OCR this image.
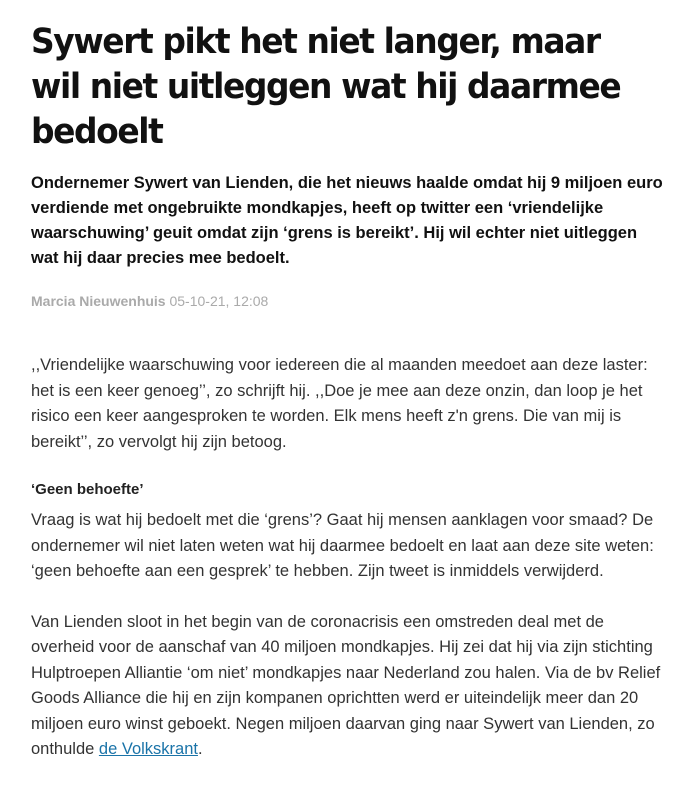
Sywert pikt het niet langer, maar wil niet uitleggen wat hij daarmee bedoelt

Ondernemer Sywert van Lienden, die het nieuws haalde omdat hij 9 miljoen euro verdiende met ongebruikte mondkapjes, heeft op twitter een ‘vriendelijke waarschuwing’ geuit omdat zijn ‘grens is bereikt’. Hij wil echter niet uitleggen wat hij daar precies mee bedoelt.

Marcia Nieuwenhuis 05-10-21, 12:08

,,Vriendelijke waarschuwing voor iedereen die al maanden meedoet aan deze laster: het is een keer genoeg’’, zo schrijft hij. ,,Doe je mee aan deze onzin, dan loop je het risico een keer aangesproken te worden. Elk mens heeft z'n grens. Die van mij is bereikt’’, zo vervolgt hij zijn betoog.

‘Geen behoefte’

Vraag is wat hij bedoelt met die ‘grens’? Gaat hij mensen aanklagen voor smaad? De ondernemer wil niet laten weten wat hij daarmee bedoelt en laat aan deze site weten: ‘geen behoefte aan een gesprek’ te hebben. Zijn tweet is inmiddels verwijderd.

Van Lienden sloot in het begin van de coronacrisis een omstreden deal met de overheid voor de aanschaf van 40 miljoen mondkapjes. Hij zei dat hij via zijn stichting Hulptroepen Alliantie ‘om niet’ mondkapjes naar Nederland zou halen. Via de bv Relief Goods Alliance die hij en zijn kompanen oprichtten werd er uiteindelijk meer dan 20 miljoen euro winst geboekt. Negen miljoen daarvan ging naar Sywert van Lienden, zo onthulde de Volkskrant.
